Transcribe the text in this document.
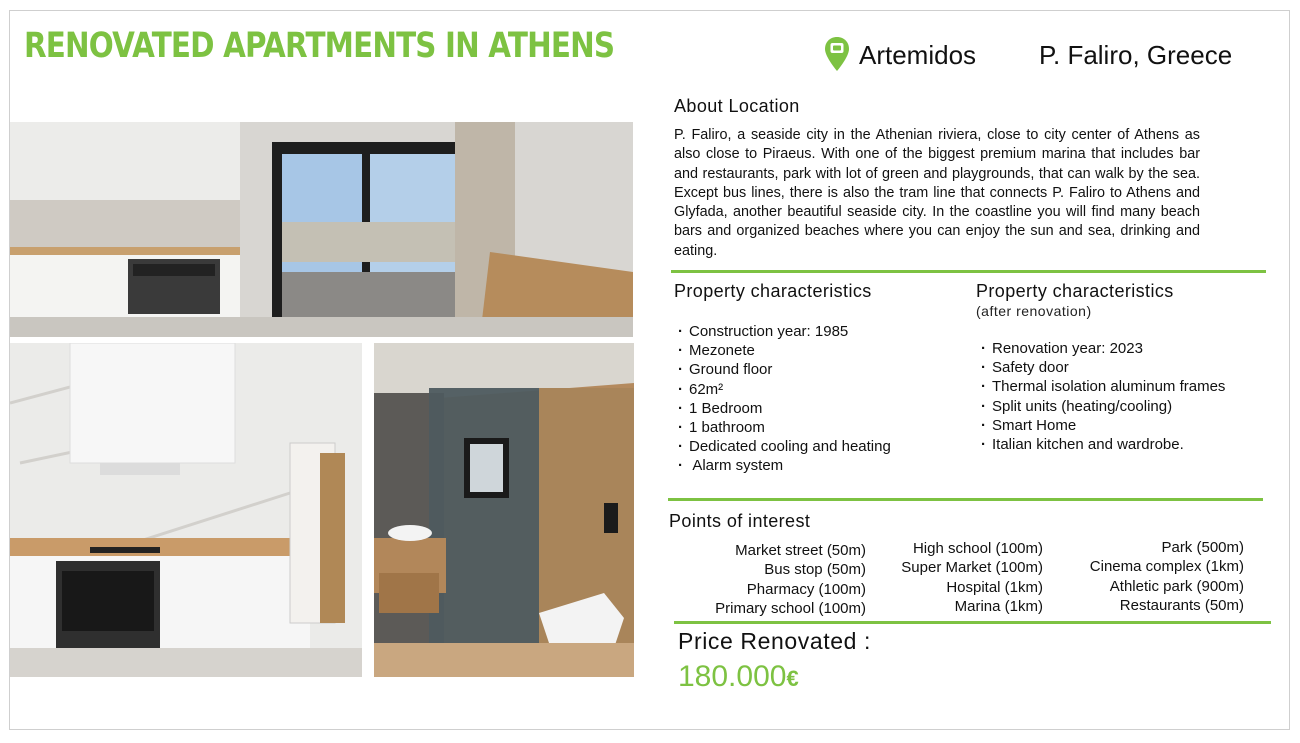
RENOVATED APARTMENTS IN ATHENS	Artemidos P. Faliro, Greece
About Location

P. Faliro, a seaside city in the Athenian riviera, close to city center of Athens as also close to Piraeus. With one of the biggest premium marina that includes bar and restaurants, park with lot of green and playgrounds, that can walk by the sea. Except bus lines, there is also the tram line that connects P. Faliro to Athens and Glyfada, another beautiful seaside city. In the coastline you will find many beach bars and organized beaches where you can enjoy the sun and sea, drinking and eating.

Property characteristics
· Construction year: 1985
· Mezonete
· Ground floor
· 62m²
· 1 Bedroom
· 1 bathroom
· Dedicated cooling and heating
· Alarm system
Property characteristics
(after renovation)
· Renovation year: 2023
· Safety door
· Thermal isolation aluminum frames
· Split units (heating/cooling)
· Smart Home
· Italian kitchen and wardrobe.
Points of interest
Market street (50m)
Bus stop (50m)
Pharmacy (100m)
Primary school (100m)
High school (100m)
Super Market (100m)
Hospital (1km)
Marina (1km)
Park (500m)
Cinema complex (1km)
Athletic park (900m)
Restaurants (50m)
Price Renovated :
180.000€
